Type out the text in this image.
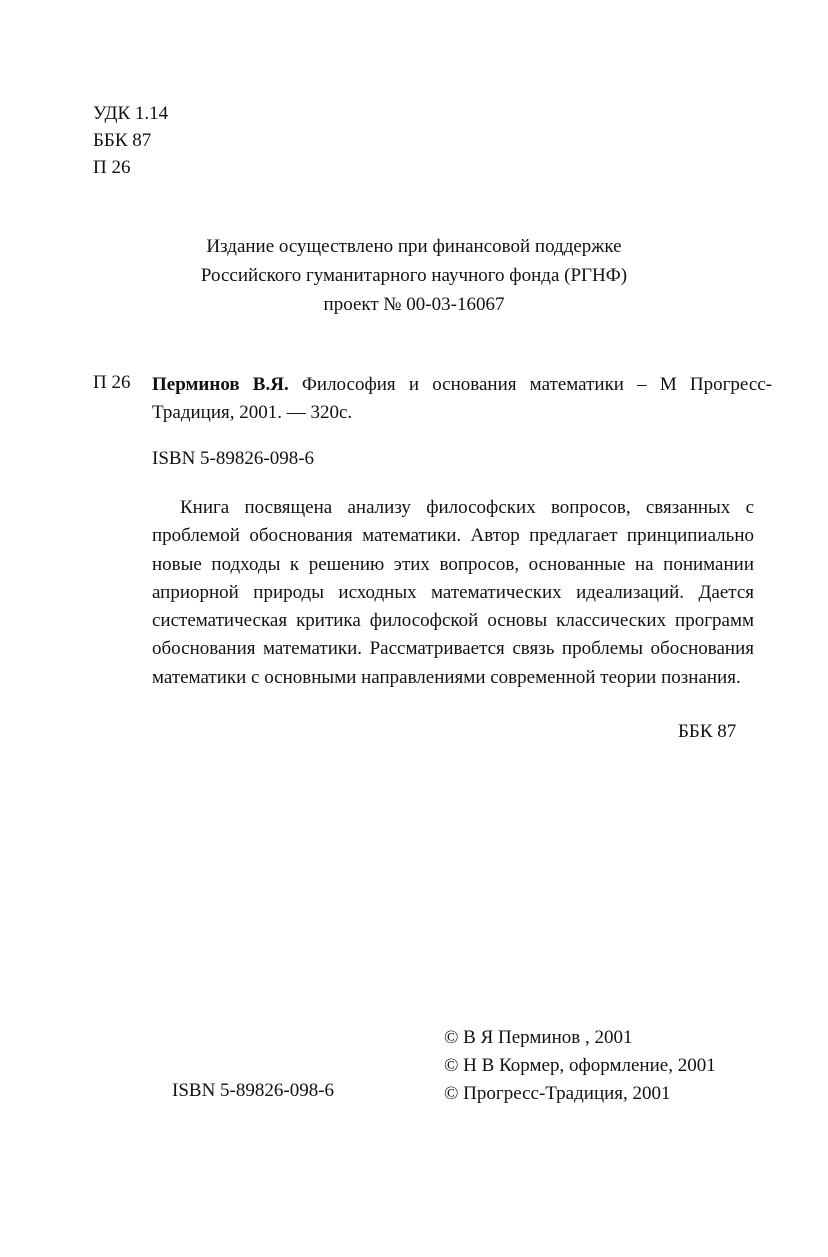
УДК 1.14
ББК 87
П 26
Издание осуществлено при финансовой поддержке
Российского гуманитарного научного фонда (РГНФ)
проект № 00-03-16067
П 26 Перминов В.Я. Философия и основания математики – М Прогресс-Традиция, 2001. — 320с.
ISBN 5-89826-098-6
Книга посвящена анализу философских вопросов, связанных с проблемой обоснования математики. Автор предлагает принципиально новые подходы к решению этих вопросов, основанные на понимании априорной природы исходных математических идеализаций. Дается систематическая критика философской основы классических программ обоснования математики. Рассматривается связь проблемы обоснования математики с основными направлениями современной теории познания.
ББК 87
© В Я Перминов , 2001
© Н В Кормер, оформление, 2001
© Прогресс-Традиция, 2001
ISBN 5-89826-098-6
